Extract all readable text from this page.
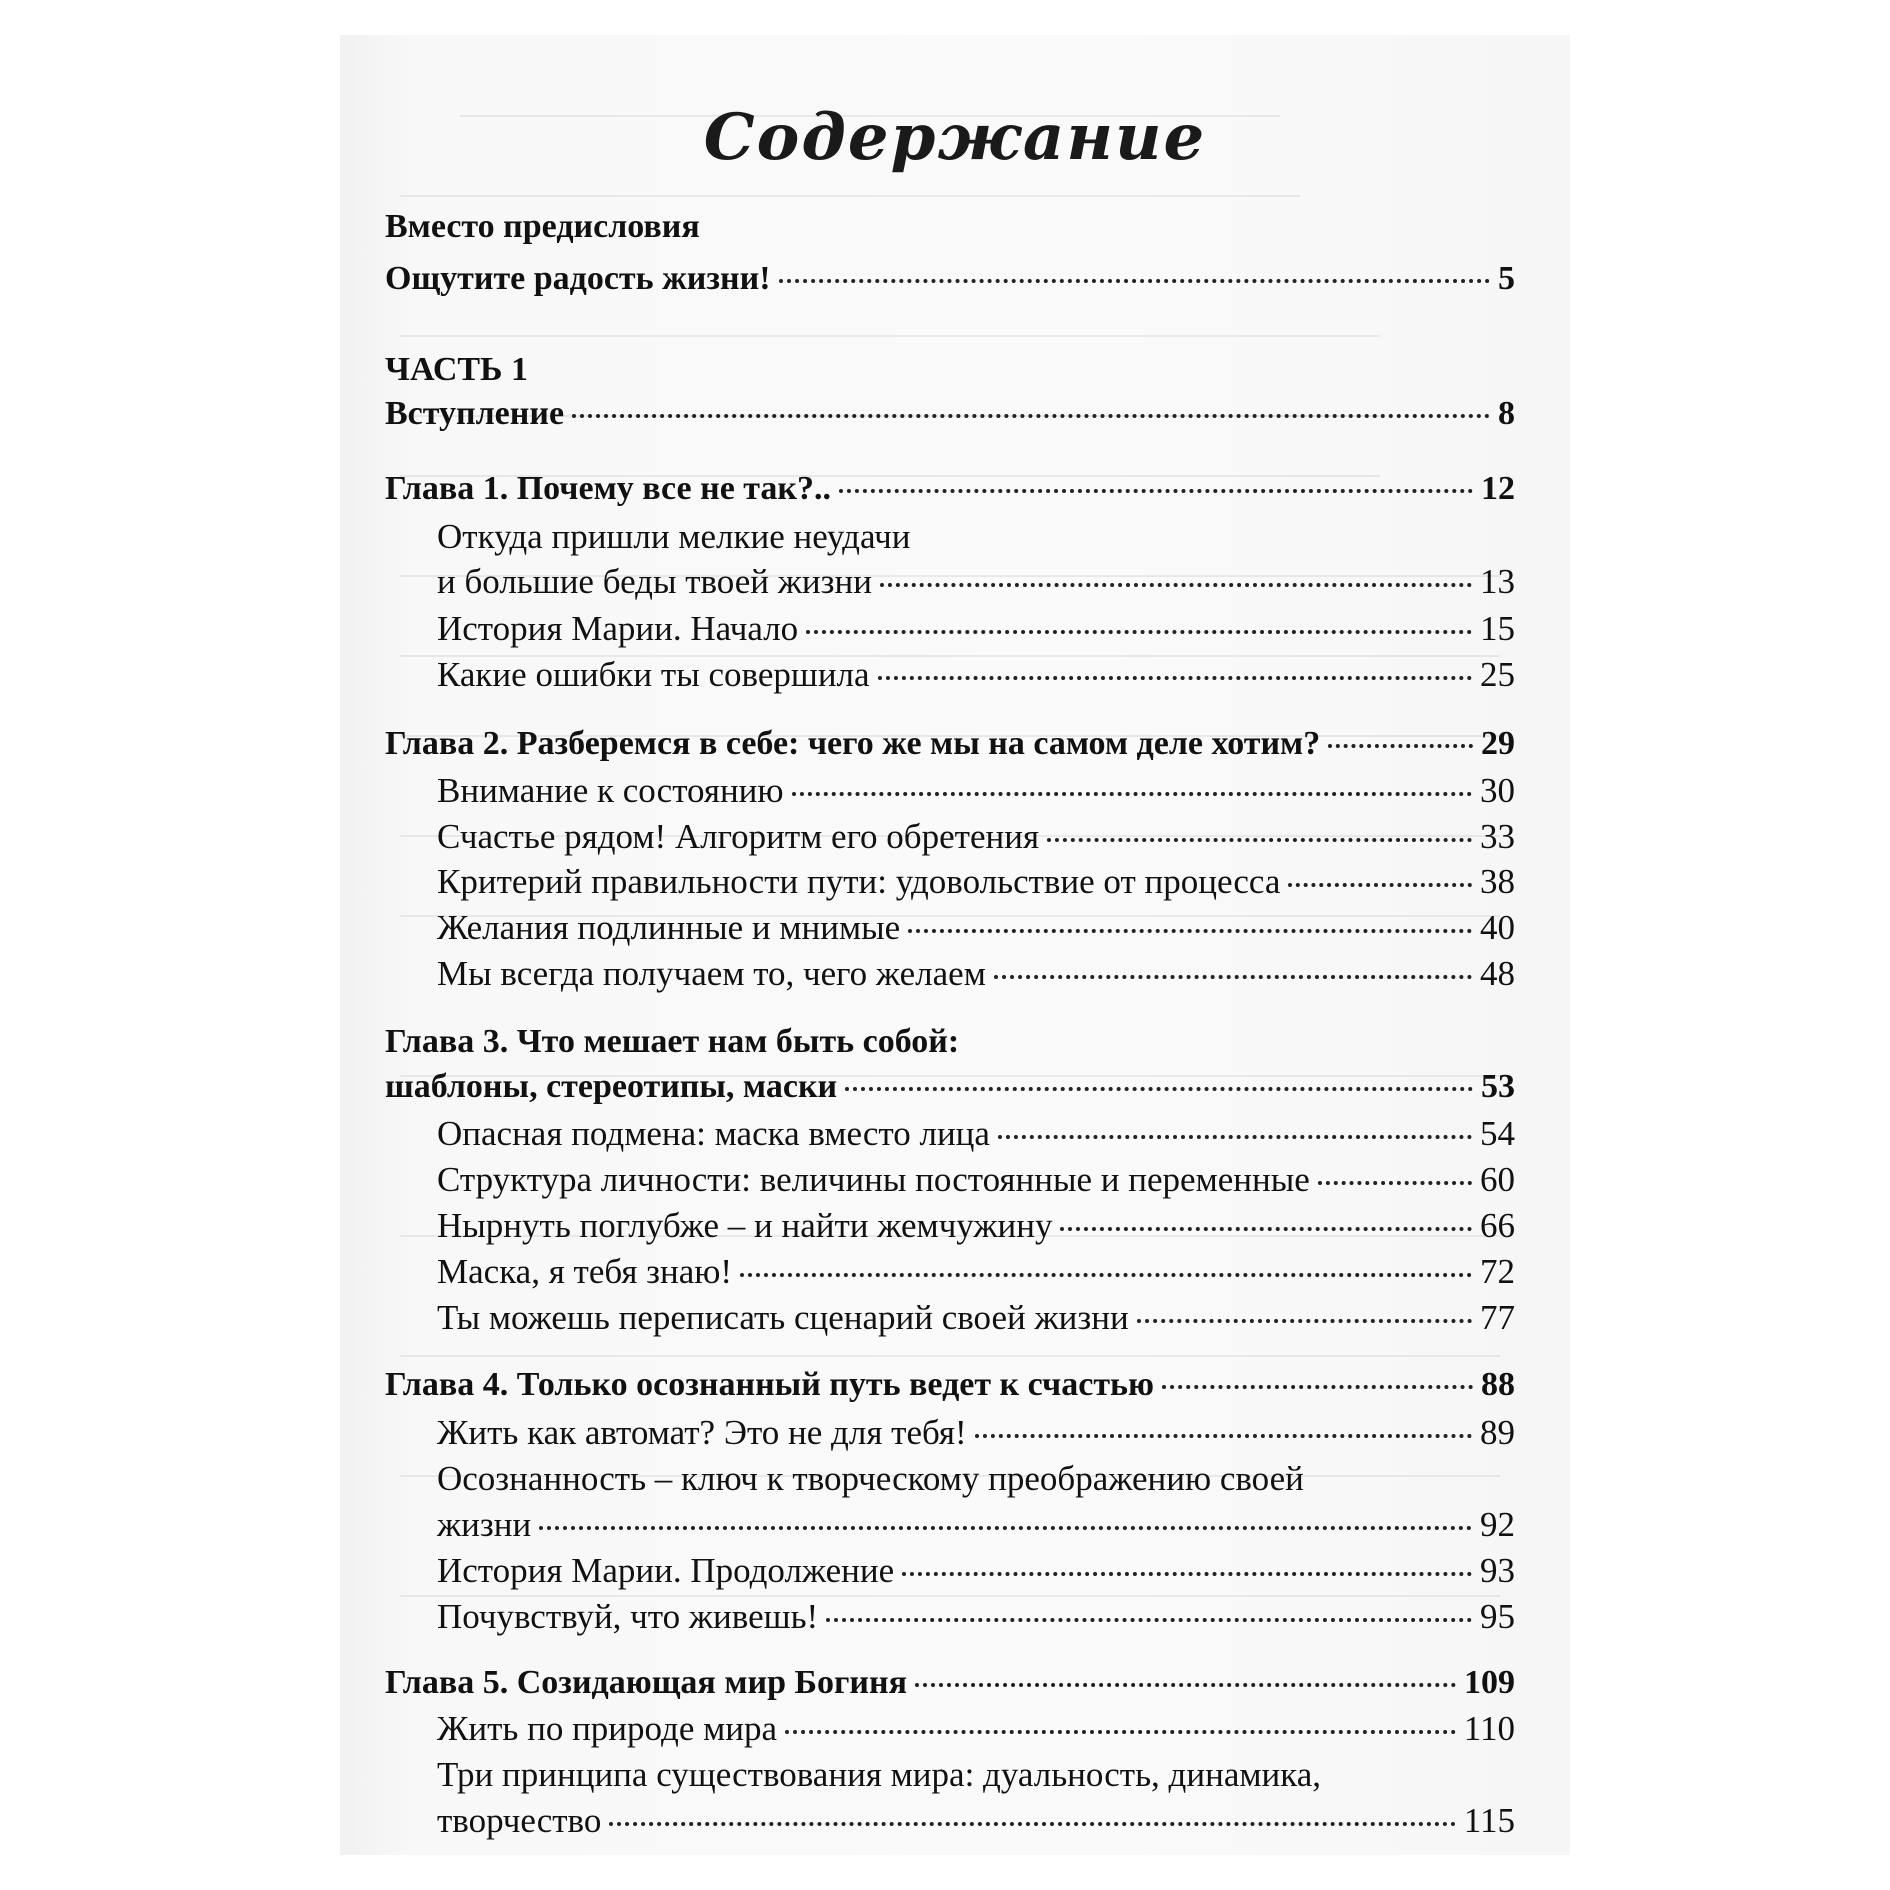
Содержание
Вместо предисловия
Ощутите радость жизни!	5
ЧАСТЬ 1
Вступление	8
Глава 1. Почему все не так?..	12
Откуда пришли мелкие неудачи
и большие беды твоей жизни	13
История Марии. Начало	15
Какие ошибки ты совершила	25
Глава 2. Разберемся в себе: чего же мы на самом деле хотим?	29
Внимание к состоянию	30
Счастье рядом! Алгоритм его обретения	33
Критерий правильности пути: удовольствие от процесса	38
Желания подлинные и мнимые	40
Мы всегда получаем то, чего желаем	48
Глава 3. Что мешает нам быть собой:
шаблоны, стереотипы, маски	53
Опасная подмена: маска вместо лица	54
Структура личности: величины постоянные и переменные	60
Нырнуть поглубже – и найти жемчужину	66
Маска, я тебя знаю!	72
Ты можешь переписать сценарий своей жизни	77
Глава 4. Только осознанный путь ведет к счастью	88
Жить как автомат? Это не для тебя!	89
Осознанность – ключ к творческому преображению своей
жизни	92
История Марии. Продолжение	93
Почувствуй, что живешь!	95
Глава 5. Созидающая мир Богиня	109
Жить по природе мира	110
Три принципа существования мира: дуальность, динамика,
творчество	115
